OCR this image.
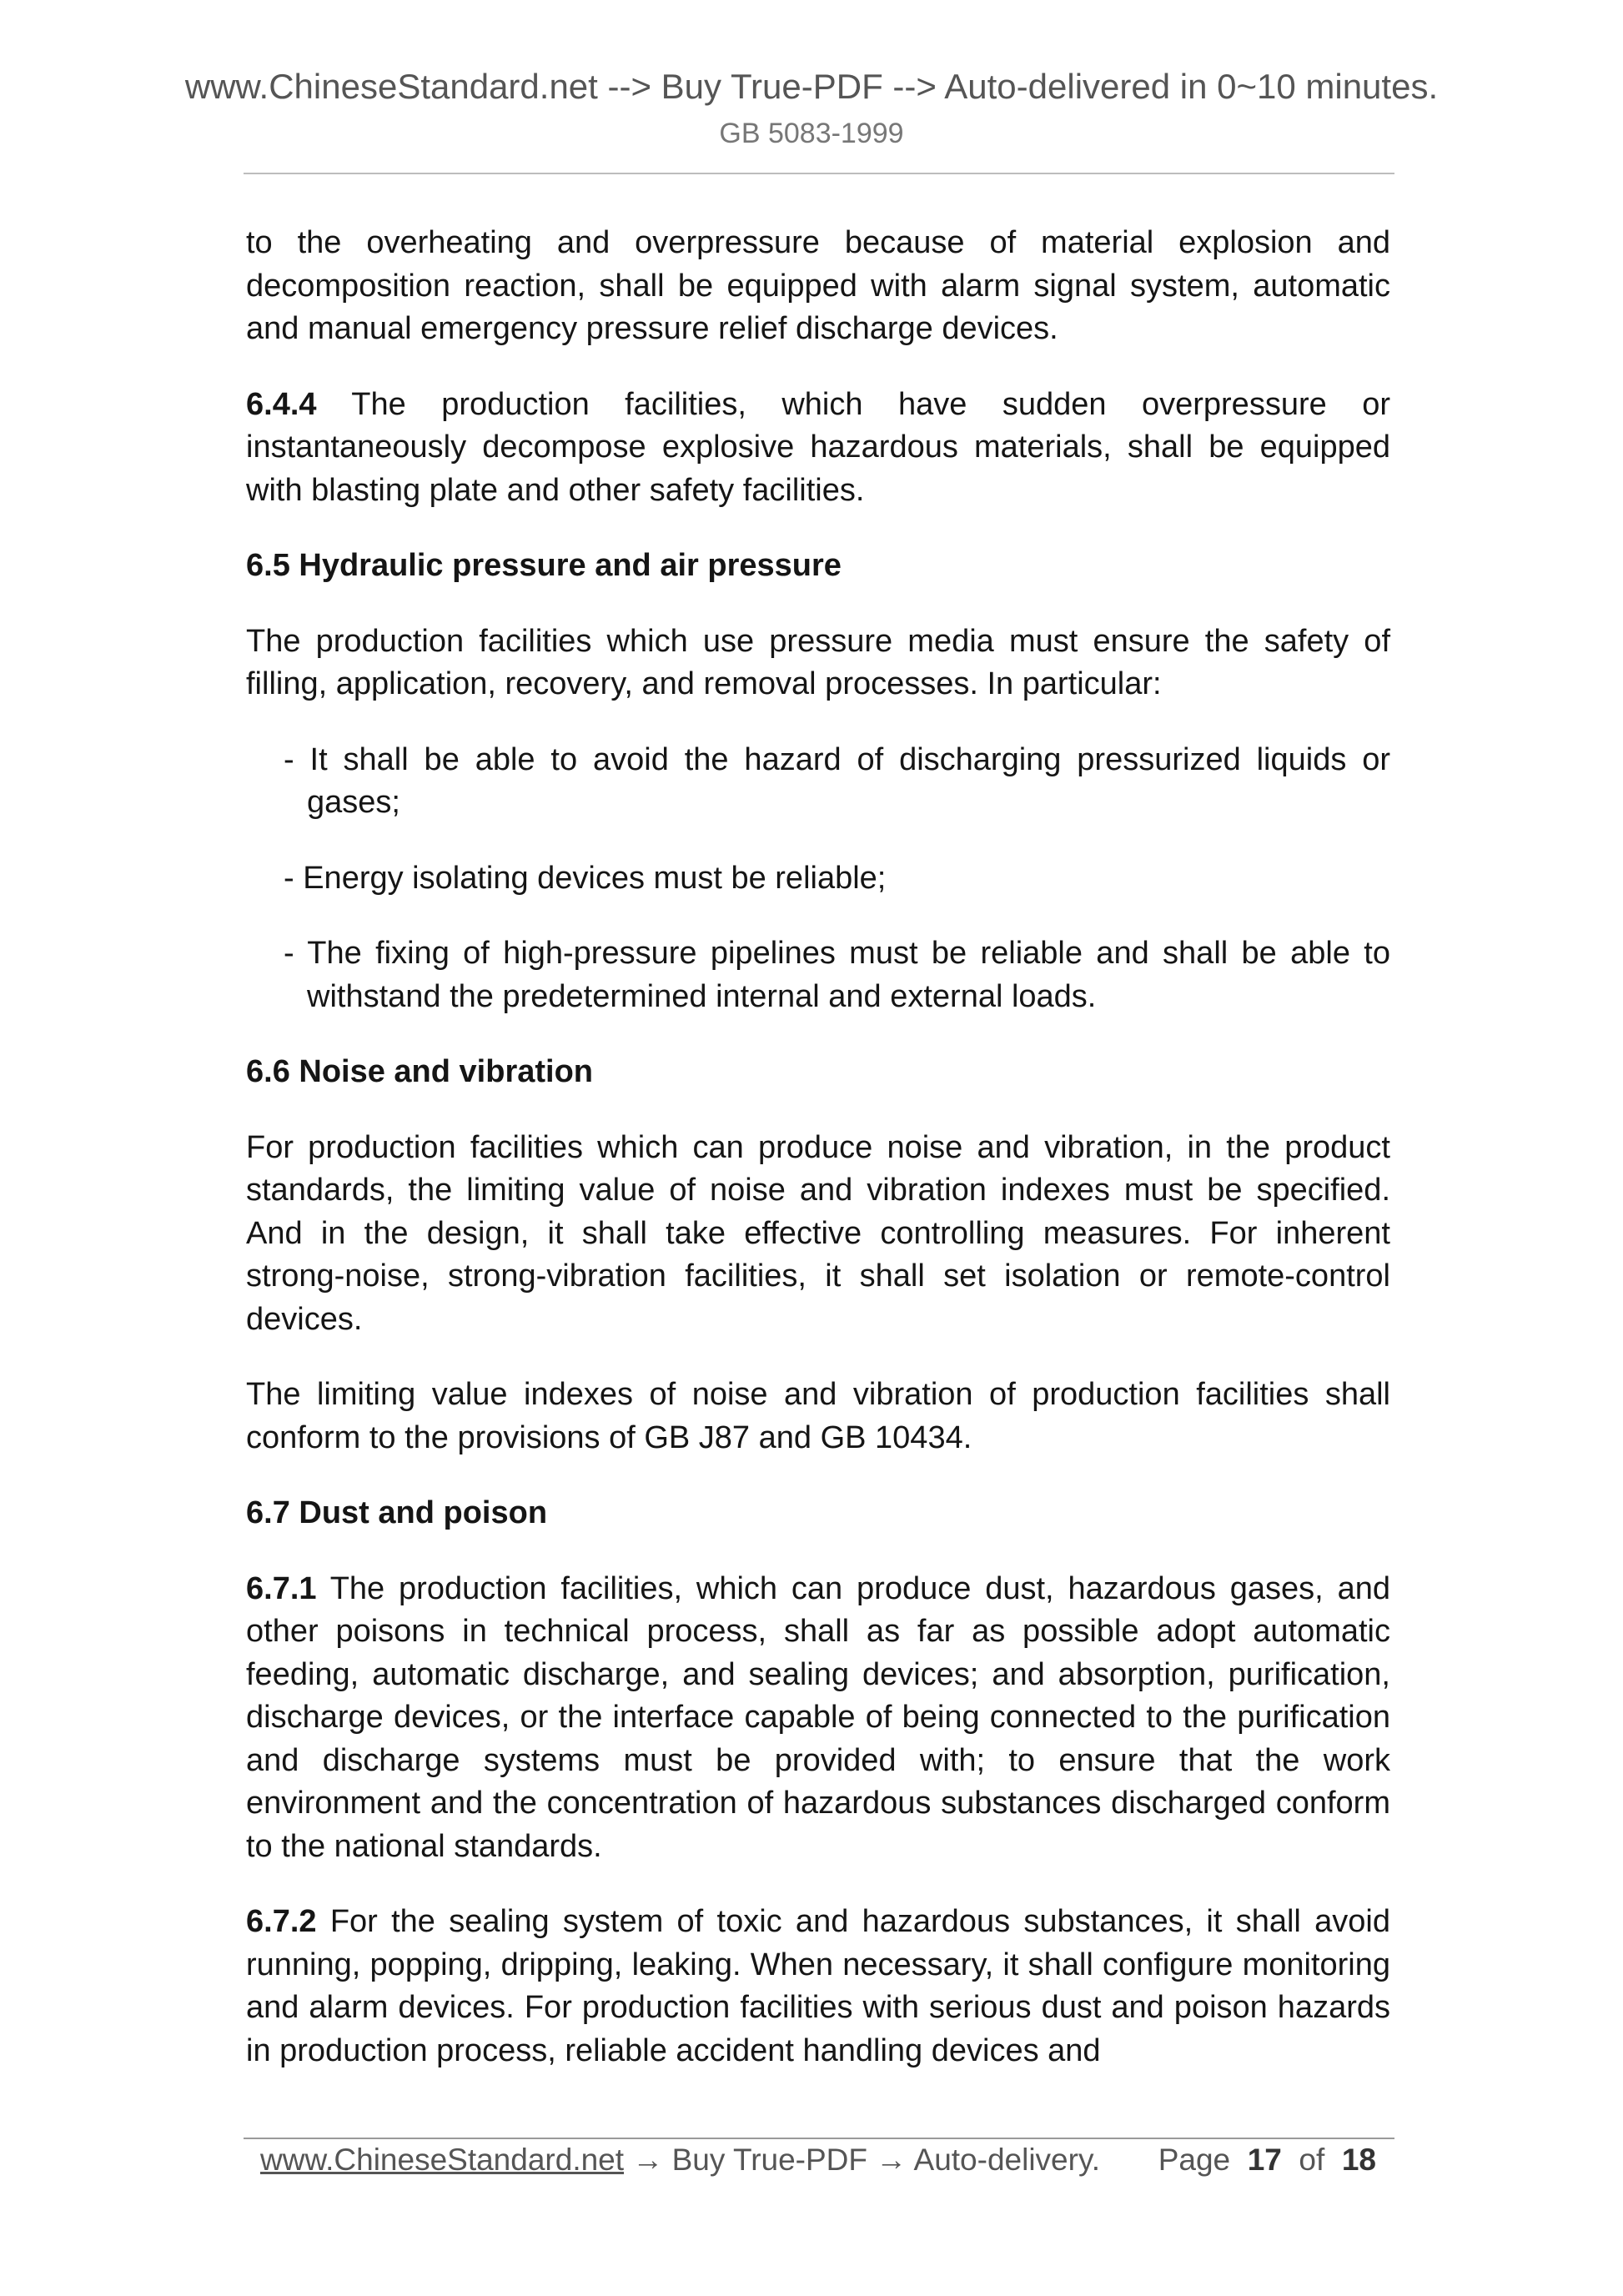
www.ChineseStandard.net --> Buy True-PDF --> Auto-delivered in 0~10 minutes.
GB 5083-1999

to the overheating and overpressure because of material explosion and decomposition reaction, shall be equipped with alarm signal system, automatic and manual emergency pressure relief discharge devices.

6.4.4 The production facilities, which have sudden overpressure or instantaneously decompose explosive hazardous materials, shall be equipped with blasting plate and other safety facilities.

6.5 Hydraulic pressure and air pressure

The production facilities which use pressure media must ensure the safety of filling, application, recovery, and removal processes. In particular:

- It shall be able to avoid the hazard of discharging pressurized liquids or gases;

- Energy isolating devices must be reliable;

- The fixing of high-pressure pipelines must be reliable and shall be able to withstand the predetermined internal and external loads.

6.6 Noise and vibration

For production facilities which can produce noise and vibration, in the product standards, the limiting value of noise and vibration indexes must be specified. And in the design, it shall take effective controlling measures. For inherent strong-noise, strong-vibration facilities, it shall set isolation or remote-control devices.

The limiting value indexes of noise and vibration of production facilities shall conform to the provisions of GB J87 and GB 10434.

6.7 Dust and poison

6.7.1 The production facilities, which can produce dust, hazardous gases, and other poisons in technical process, shall as far as possible adopt automatic feeding, automatic discharge, and sealing devices; and absorption, purification, discharge devices, or the interface capable of being connected to the purification and discharge systems must be provided with; to ensure that the work environment and the concentration of hazardous substances discharged conform to the national standards.

6.7.2 For the sealing system of toxic and hazardous substances, it shall avoid running, popping, dripping, leaking. When necessary, it shall configure monitoring and alarm devices. For production facilities with serious dust and poison hazards in production process, reliable accident handling devices and

www.ChineseStandard.net → Buy True-PDF → Auto-delivery. Page 17 of 18
